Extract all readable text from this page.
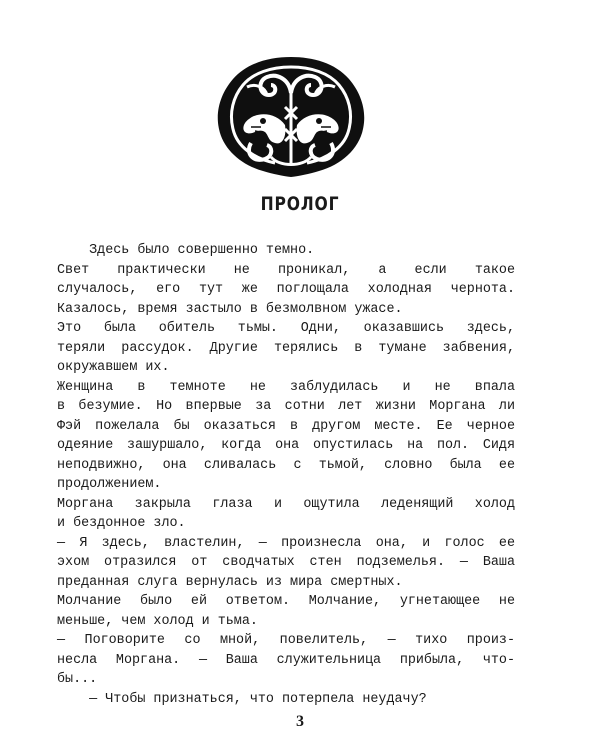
ПРОЛОГ
Здесь было совершенно темно.
Свет практически не проникал, а если такое
случалось, его тут же поглощала холодная чернота.
Казалось, время застыло в безмолвном ужасе.
Это была обитель тьмы. Одни, оказавшись здесь,
теряли рассудок. Другие терялись в тумане забвения,
окружавшем их.
Женщина в темноте не заблудилась и не впала
в безумие. Но впервые за сотни лет жизни Моргана ли
Фэй пожелала бы оказаться в другом месте. Ее черное
одеяние зашуршало, когда она опустилась на пол. Сидя
неподвижно, она сливалась с тьмой, словно была ее
продолжением.
Моргана закрыла глаза и ощутила леденящий холод
и бездонное зло.
— Я здесь, властелин, — произнесла она, и голос ее
эхом отразился от сводчатых стен подземелья. — Ваша
преданная слуга вернулась из мира смертных.
Молчание было ей ответом. Молчание, угнетающее не
меньше, чем холод и тьма.
— Поговорите со мной, повелитель, — тихо произ-
несла Моргана. — Ваша служительница прибыла, что-
бы...
— Чтобы признаться, что потерпела неудачу?
3
